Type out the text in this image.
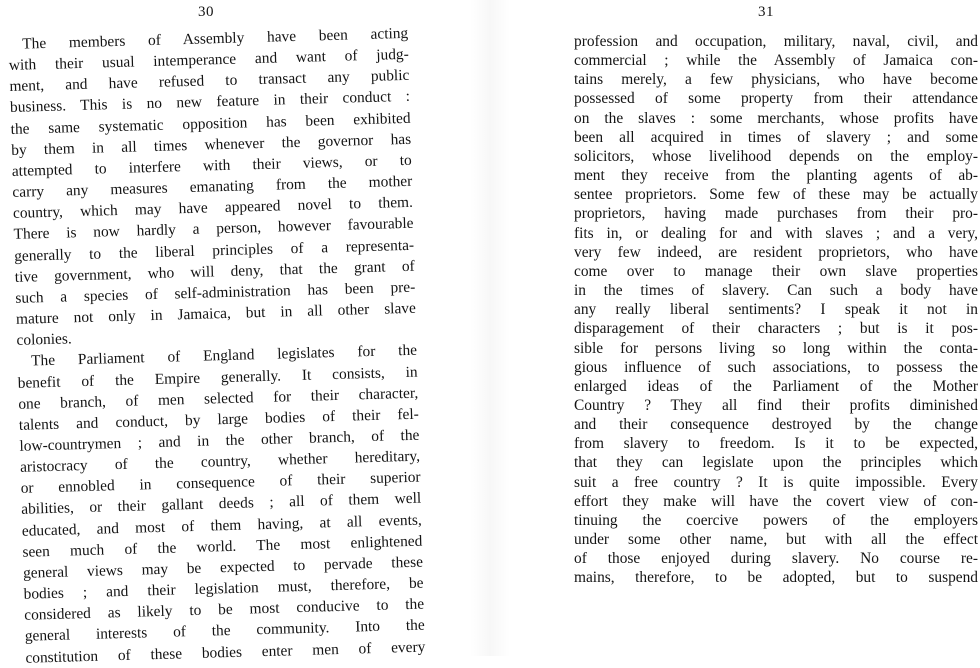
30
The members of Assembly have been acting
with their usual intemperance and want of judg-
ment, and have refused to transact any public
business. This is no new feature in their conduct :
the same systematic opposition has been exhibited
by them in all times whenever the governor has
attempted to interfere with their views, or to
carry any measures emanating from the mother
country, which may have appeared novel to them.
There is now hardly a person, however favourable
generally to the liberal principles of a representa-
tive government, who will deny, that the grant of
such a species of self-administration has been pre-
mature not only in Jamaica, but in all other slave
colonies.
The Parliament of England legislates for the
benefit of the Empire generally. It consists, in
one branch, of men selected for their character,
talents and conduct, by large bodies of their fel-
low-countrymen ; and in the other branch, of the
aristocracy of the country, whether hereditary,
or ennobled in consequence of their superior
abilities, or their gallant deeds ; all of them well
educated, and most of them having, at all events,
seen much of the world. The most enlightened
general views may be expected to pervade these
bodies ; and their legislation must, therefore, be
considered as likely to be most conducive to the
general interests of the community. Into the
constitution of these bodies enter men of every
31
profession and occupation, military, naval, civil, and
commercial ; while the Assembly of Jamaica con-
tains merely, a few physicians, who have become
possessed of some property from their attendance
on the slaves : some merchants, whose profits have
been all acquired in times of slavery ; and some
solicitors, whose livelihood depends on the employ-
ment they receive from the planting agents of ab-
sentee proprietors. Some few of these may be actually
proprietors, having made purchases from their pro-
fits in, or dealing for and with slaves ; and a very,
very few indeed, are resident proprietors, who have
come over to manage their own slave properties
in the times of slavery. Can such a body have
any really liberal sentiments? I speak it not in
disparagement of their characters ; but is it pos-
sible for persons living so long within the conta-
gious influence of such associations, to possess the
enlarged ideas of the Parliament of the Mother
Country ? They all find their profits diminished
and their consequence destroyed by the change
from slavery to freedom. Is it to be expected,
that they can legislate upon the principles which
suit a free country ? It is quite impossible. Every
effort they make will have the covert view of con-
tinuing the coercive powers of the employers
under some other name, but with all the effect
of those enjoyed during slavery. No course re-
mains, therefore, to be adopted, but to suspend
